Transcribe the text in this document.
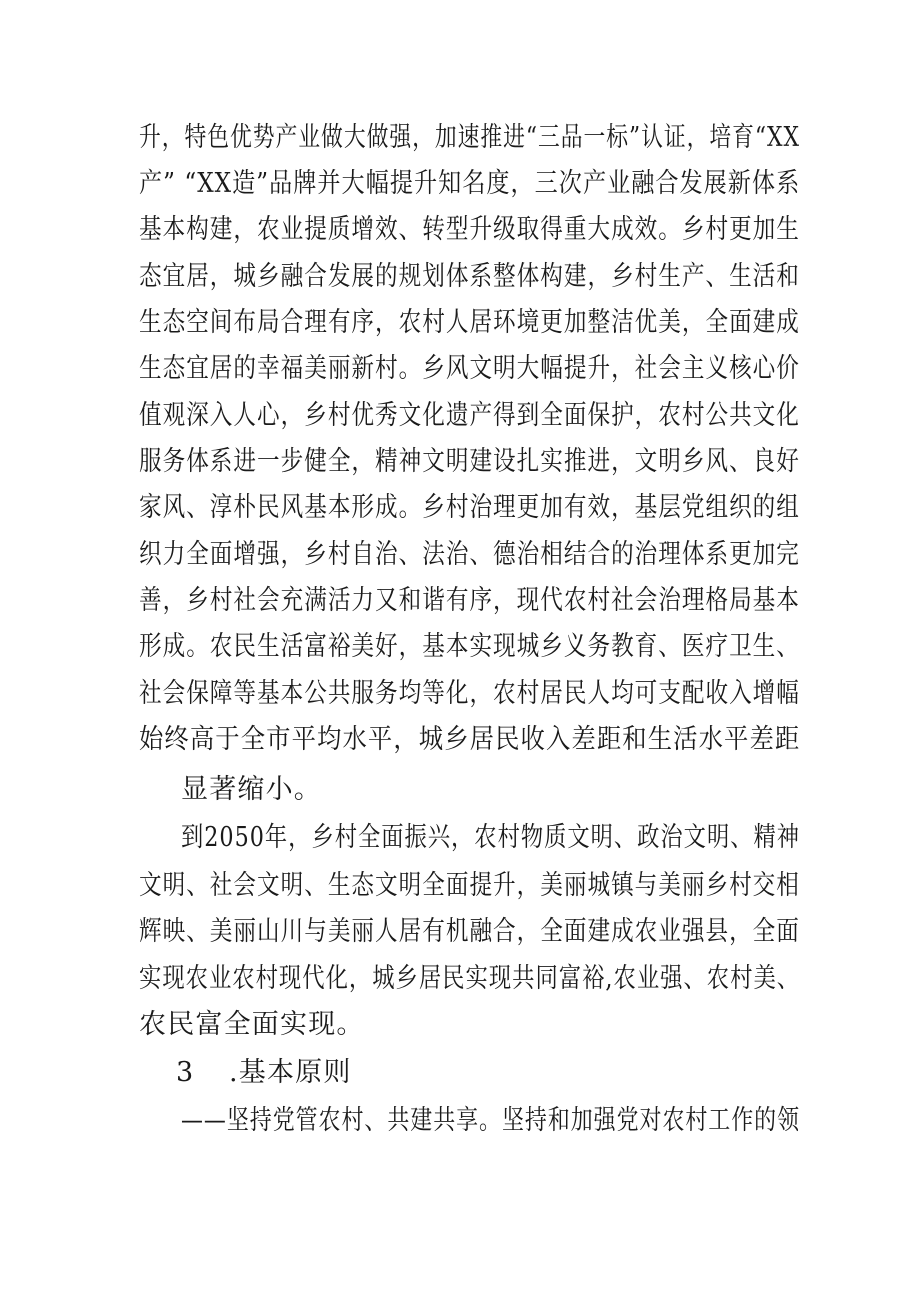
升，特色优势产业做大做强，加速推进“三品一标”认证，培育“XX
产” “XX造”品牌并大幅提升知名度，三次产业融合发展新体系
基本构建，农业提质增效、转型升级取得重大成效。乡村更加生
态宜居，城乡融合发展的规划体系整体构建，乡村生产、生活和
生态空间布局合理有序，农村人居环境更加整洁优美，全面建成
生态宜居的幸福美丽新村。乡风文明大幅提升，社会主义核心价
值观深入人心，乡村优秀文化遗产得到全面保护，农村公共文化
服务体系进一步健全，精神文明建设扎实推进，文明乡风、良好
家风、淳朴民风基本形成。乡村治理更加有效，基层党组织的组
织力全面增强，乡村自治、法治、德治相结合的治理体系更加完
善，乡村社会充满活力又和谐有序，现代农村社会治理格局基本
形成。农民生活富裕美好，基本实现城乡义务教育、医疗卫生、
社会保障等基本公共服务均等化，农村居民人均可支配收入增幅
始终高于全市平均水平，城乡居民收入差距和生活水平差距
显著缩小。
到2050年，乡村全面振兴，农村物质文明、政治文明、精神
文明、社会文明、生态文明全面提升，美丽城镇与美丽乡村交相
辉映、美丽山川与美丽人居有机融合，全面建成农业强县，全面
实现农业农村现代化，城乡居民实现共同富裕,农业强、农村美、
农民富全面实现。
3 .基本原则
——坚持党管农村、共建共享。坚持和加强党对农村工作的领
